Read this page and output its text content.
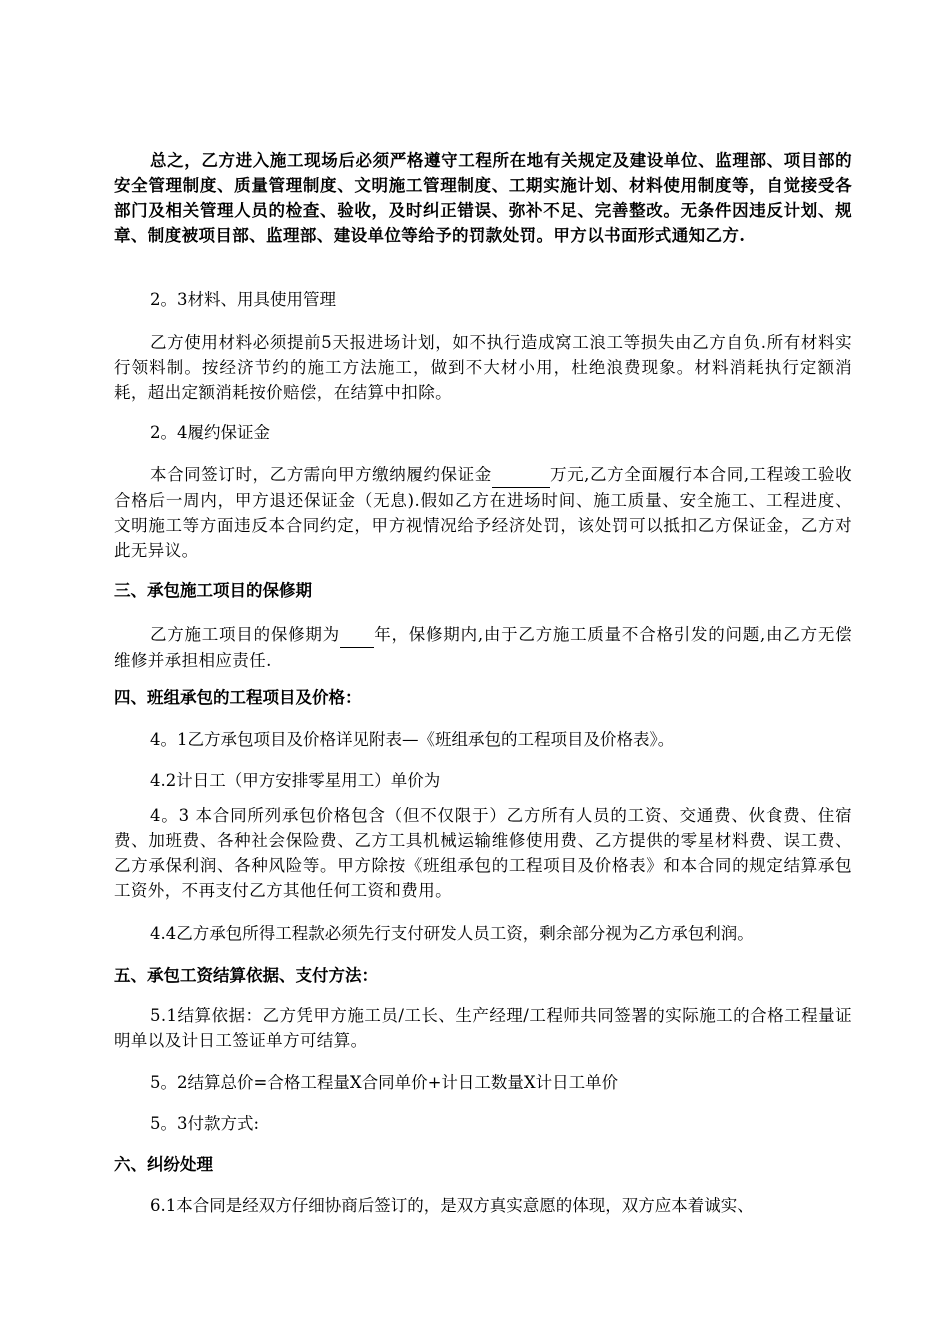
总之，乙方进入施工现场后必须严格遵守工程所在地有关规定及建设单位、监理部、项目部的安全管理制度、质量管理制度、文明施工管理制度、工期实施计划、材料使用制度等，自觉接受各部门及相关管理人员的检查、验收，及时纠正错误、弥补不足、完善整改。无条件因违反计划、规章、制度被项目部、监理部、建设单位等给予的罚款处罚。甲方以书面形式通知乙方.

2。3材料、用具使用管理

乙方使用材料必须提前5天报进场计划，如不执行造成窝工浪工等损失由乙方自负.所有材料实行领料制。按经济节约的施工方法施工，做到不大材小用，杜绝浪费现象。材料消耗执行定额消耗，超出定额消耗按价赔偿，在结算中扣除。

2。4履约保证金

本合同签订时，乙方需向甲方缴纳履约保证金	万元,乙方全面履行本合同,工程竣工验收合格后一周内，甲方退还保证金（无息).假如乙方在进场时间、施工质量、安全施工、工程进度、文明施工等方面违反本合同约定，甲方视情况给予经济处罚，该处罚可以抵扣乙方保证金，乙方对此无异议。

三、承包施工项目的保修期

乙方施工项目的保修期为 年，保修期内,由于乙方施工质量不合格引发的问题,由乙方无偿维修并承担相应责任.

四、班组承包的工程项目及价格：

4。1乙方承包项目及价格详见附表—《班组承包的工程项目及价格表》。

4.2计日工（甲方安排零星用工）单价为

4。3 本合同所列承包价格包含（但不仅限于）乙方所有人员的工资、交通费、伙食费、住宿费、加班费、各种社会保险费、乙方工具机械运输维修使用费、乙方提供的零星材料费、误工费、乙方承保利润、各种风险等。甲方除按《班组承包的工程项目及价格表》和本合同的规定结算承包工资外，不再支付乙方其他任何工资和费用。

4.4乙方承包所得工程款必须先行支付研发人员工资，剩余部分视为乙方承包利润。

五、承包工资结算依据、支付方法：

5.1结算依据：乙方凭甲方施工员/工长、生产经理/工程师共同签署的实际施工的合格工程量证明单以及计日工签证单方可结算。

5。2结算总价=合格工程量X合同单价+计日工数量X计日工单价

5。3付款方式:

六、纠纷处理

6.1本合同是经双方仔细协商后签订的，是双方真实意愿的体现，双方应本着诚实、
